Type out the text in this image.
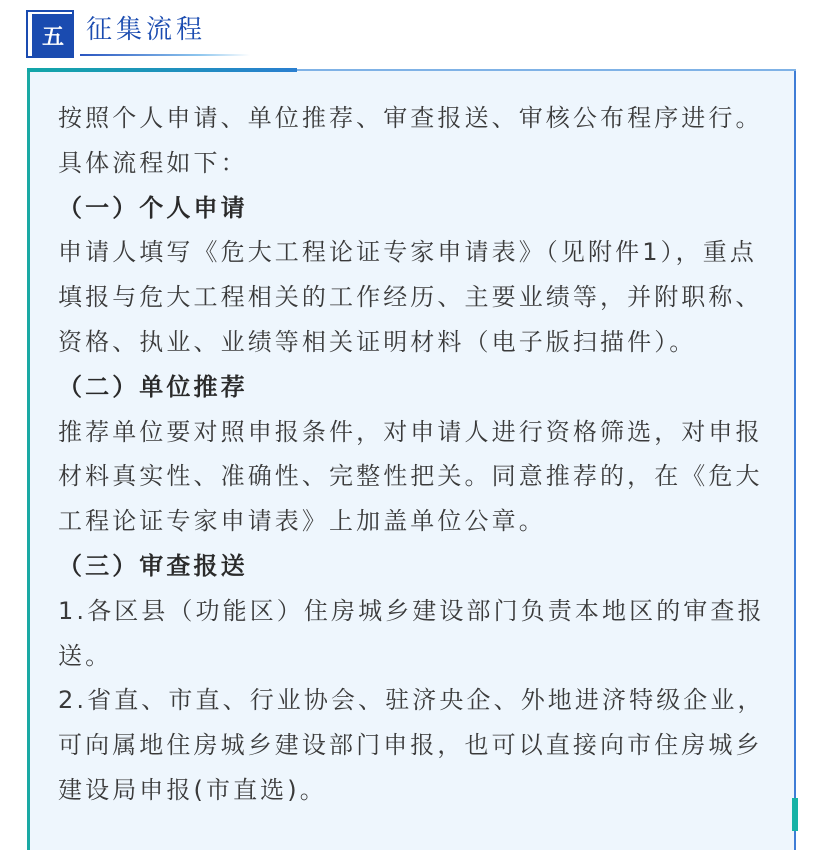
五 征集流程

按照个人申请、单位推荐、审查报送、审核公布程序进行。具体流程如下：

（一）个人申请

申请人填写《危大工程论证专家申请表》（见附件1），重点填报与危大工程相关的工作经历、主要业绩等，并附职称、资格、执业、业绩等相关证明材料（电子版扫描件）。

（二）单位推荐

推荐单位要对照申报条件，对申请人进行资格筛选，对申报材料真实性、准确性、完整性把关。同意推荐的，在《危大工程论证专家申请表》上加盖单位公章。

（三）审查报送

1.各区县（功能区）住房城乡建设部门负责本地区的审查报送。

2.省直、市直、行业协会、驻济央企、外地进济特级企业，可向属地住房城乡建设部门申报，也可以直接向市住房城乡建设局申报(市直选)。
